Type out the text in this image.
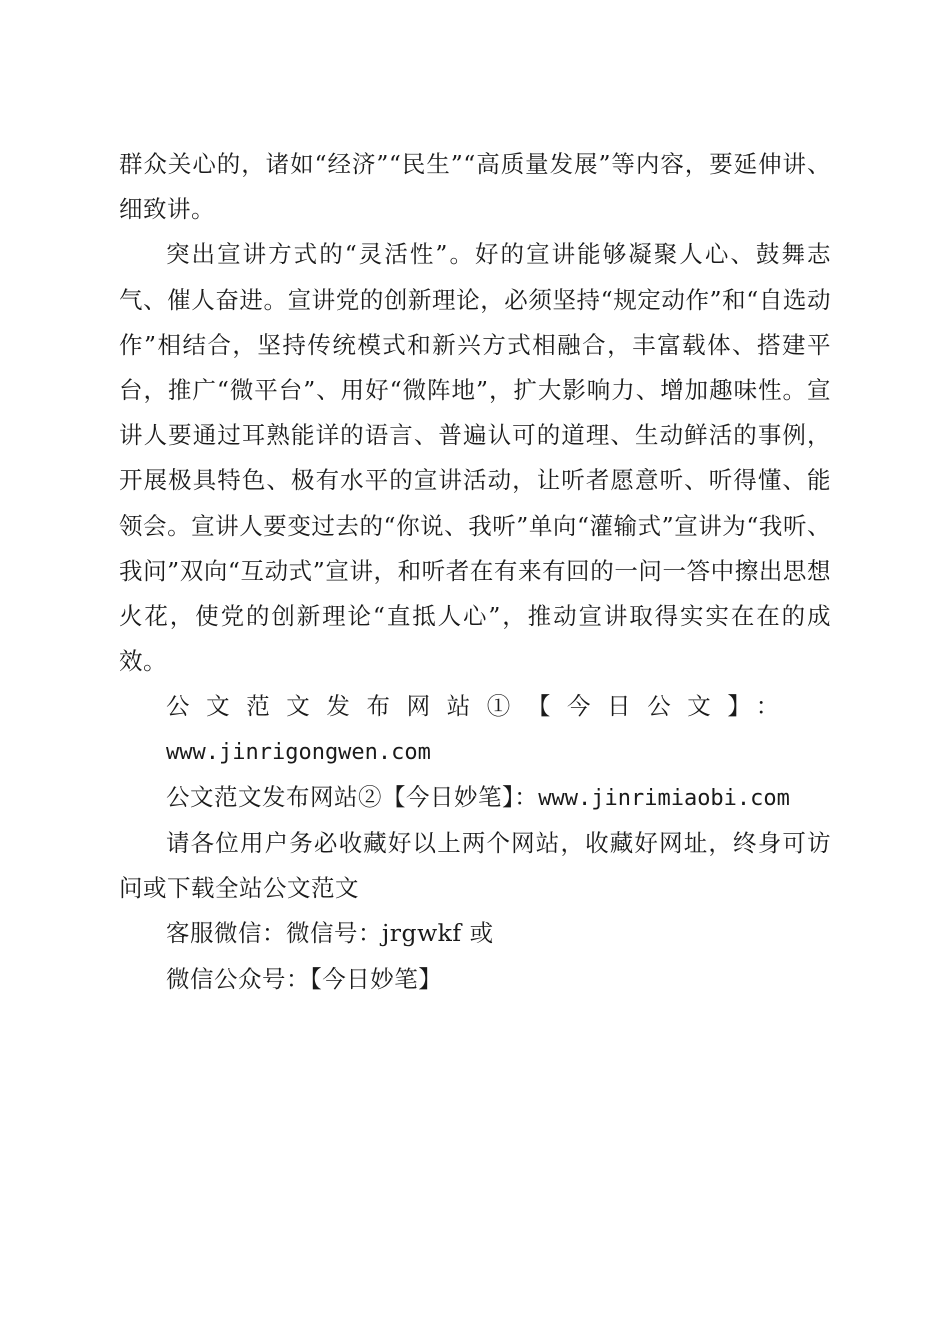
群众关心的，诸如“经济”“民生”“高质量发展”等内容，要延伸讲、细致讲。

突出宣讲方式的“灵活性”。好的宣讲能够凝聚人心、鼓舞志气、催人奋进。宣讲党的创新理论，必须坚持“规定动作”和“自选动作”相结合，坚持传统模式和新兴方式相融合，丰富载体、搭建平台，推广“微平台”、用好“微阵地”，扩大影响力、增加趣味性。宣讲人要通过耳熟能详的语言、普遍认可的道理、生动鲜活的事例，开展极具特色、极有水平的宣讲活动，让听者愿意听、听得懂、能领会。宣讲人要变过去的“你说、我听”单向“灌输式”宣讲为“我听、我问”双向“互动式”宣讲，和听者在有来有回的一问一答中擦出思想火花，使党的创新理论“直抵人心”，推动宣讲取得实实在在的成效。

公文范文发布网站①【今日公文】：
www.jinrigongwen.com

公文范文发布网站②【今日妙笔】：www.jinrimiaobi.com

请各位用户务必收藏好以上两个网站，收藏好网址，终身可访问或下载全站公文范文

客服微信：微信号：jrgwkf 或

微信公众号：【今日妙笔】
